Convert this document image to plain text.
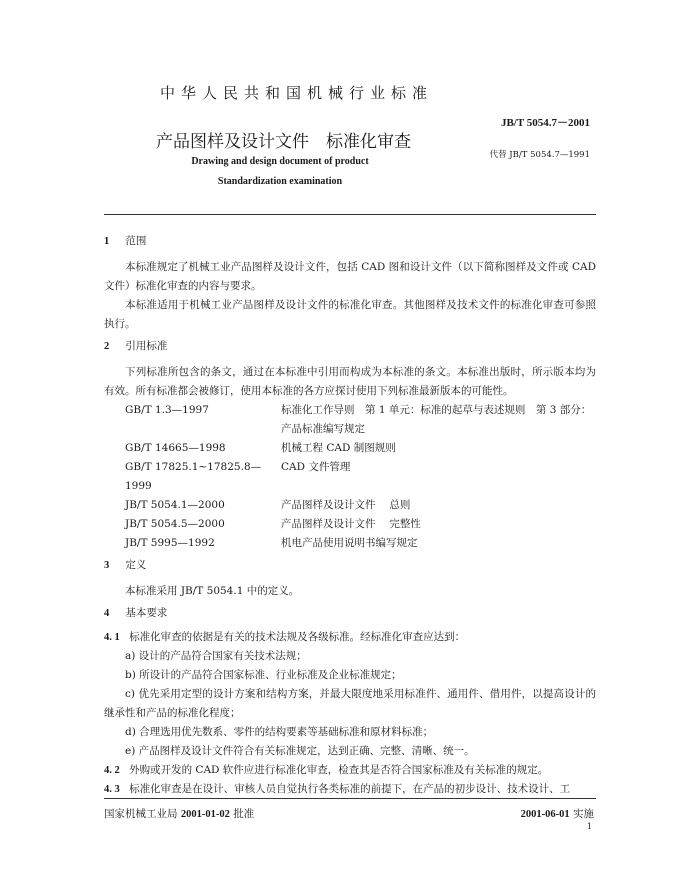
中华人民共和国机械行业标准
JB/T 5054.7－2001
产品图样及设计文件　标准化审查
代替 JB/T 5054.7—1991
Drawing and design document of product
Standardization examination

1 范围

本标准规定了机械工业产品图样及设计文件，包括 CAD 图和设计文件（以下简称图样及文件或 CAD 文件）标准化审查的内容与要求。

本标准适用于机械工业产品图样及设计文件的标准化审查。其他图样及技术文件的标准化审查可参照执行。

2 引用标准

下列标准所包含的条文，通过在本标准中引用而构成为本标准的条文。本标准出版时，所示版本均为有效。所有标准都会被修订，使用本标准的各方应探讨使用下列标准最新版本的可能性。

GB/T 1.3—1997	标准化工作导则　第 1 单元：标准的起草与表述规则　第 3 部分：
产品标准编写规定

GB/T 14665—1998	机械工程 CAD 制图规则
GB/T 17825.1~17825.8—1999	CAD 文件管理
JB/T 5054.1—2000	产品图样及设计文件　 总则
JB/T 5054.5—2000	产品图样及设计文件　 完整性
JB/T 5995—1992	机电产品使用说明书编写规定

3 定义

本标准采用 JB/T 5054.1 中的定义。

4 基本要求

4. 1 标准化审查的依据是有关的技术法规及各级标准。经标准化审查应达到：

a) 设计的产品符合国家有关技术法规；

b) 所设计的产品符合国家标准、行业标准及企业标准规定；

c) 优先采用定型的设计方案和结构方案，并最大限度地采用标准件、通用件、借用件，以提高设计的继承性和产品的标准化程度；

d) 合理选用优先数系、零件的结构要素等基础标准和原材料标准；

e) 产品图样及设计文件符合有关标准规定，达到正确、完整、清晰、统一。

4. 2 外购或开发的 CAD 软件应进行标准化审查，检查其是否符合国家标准及有关标准的规定。

4. 3 标准化审查是在设计、审核人员自觉执行各类标准的前提下，在产品的初步设计、技术设计、工

国家机械工业局 2001-01-02 批准	2001-06-01 实施
1
